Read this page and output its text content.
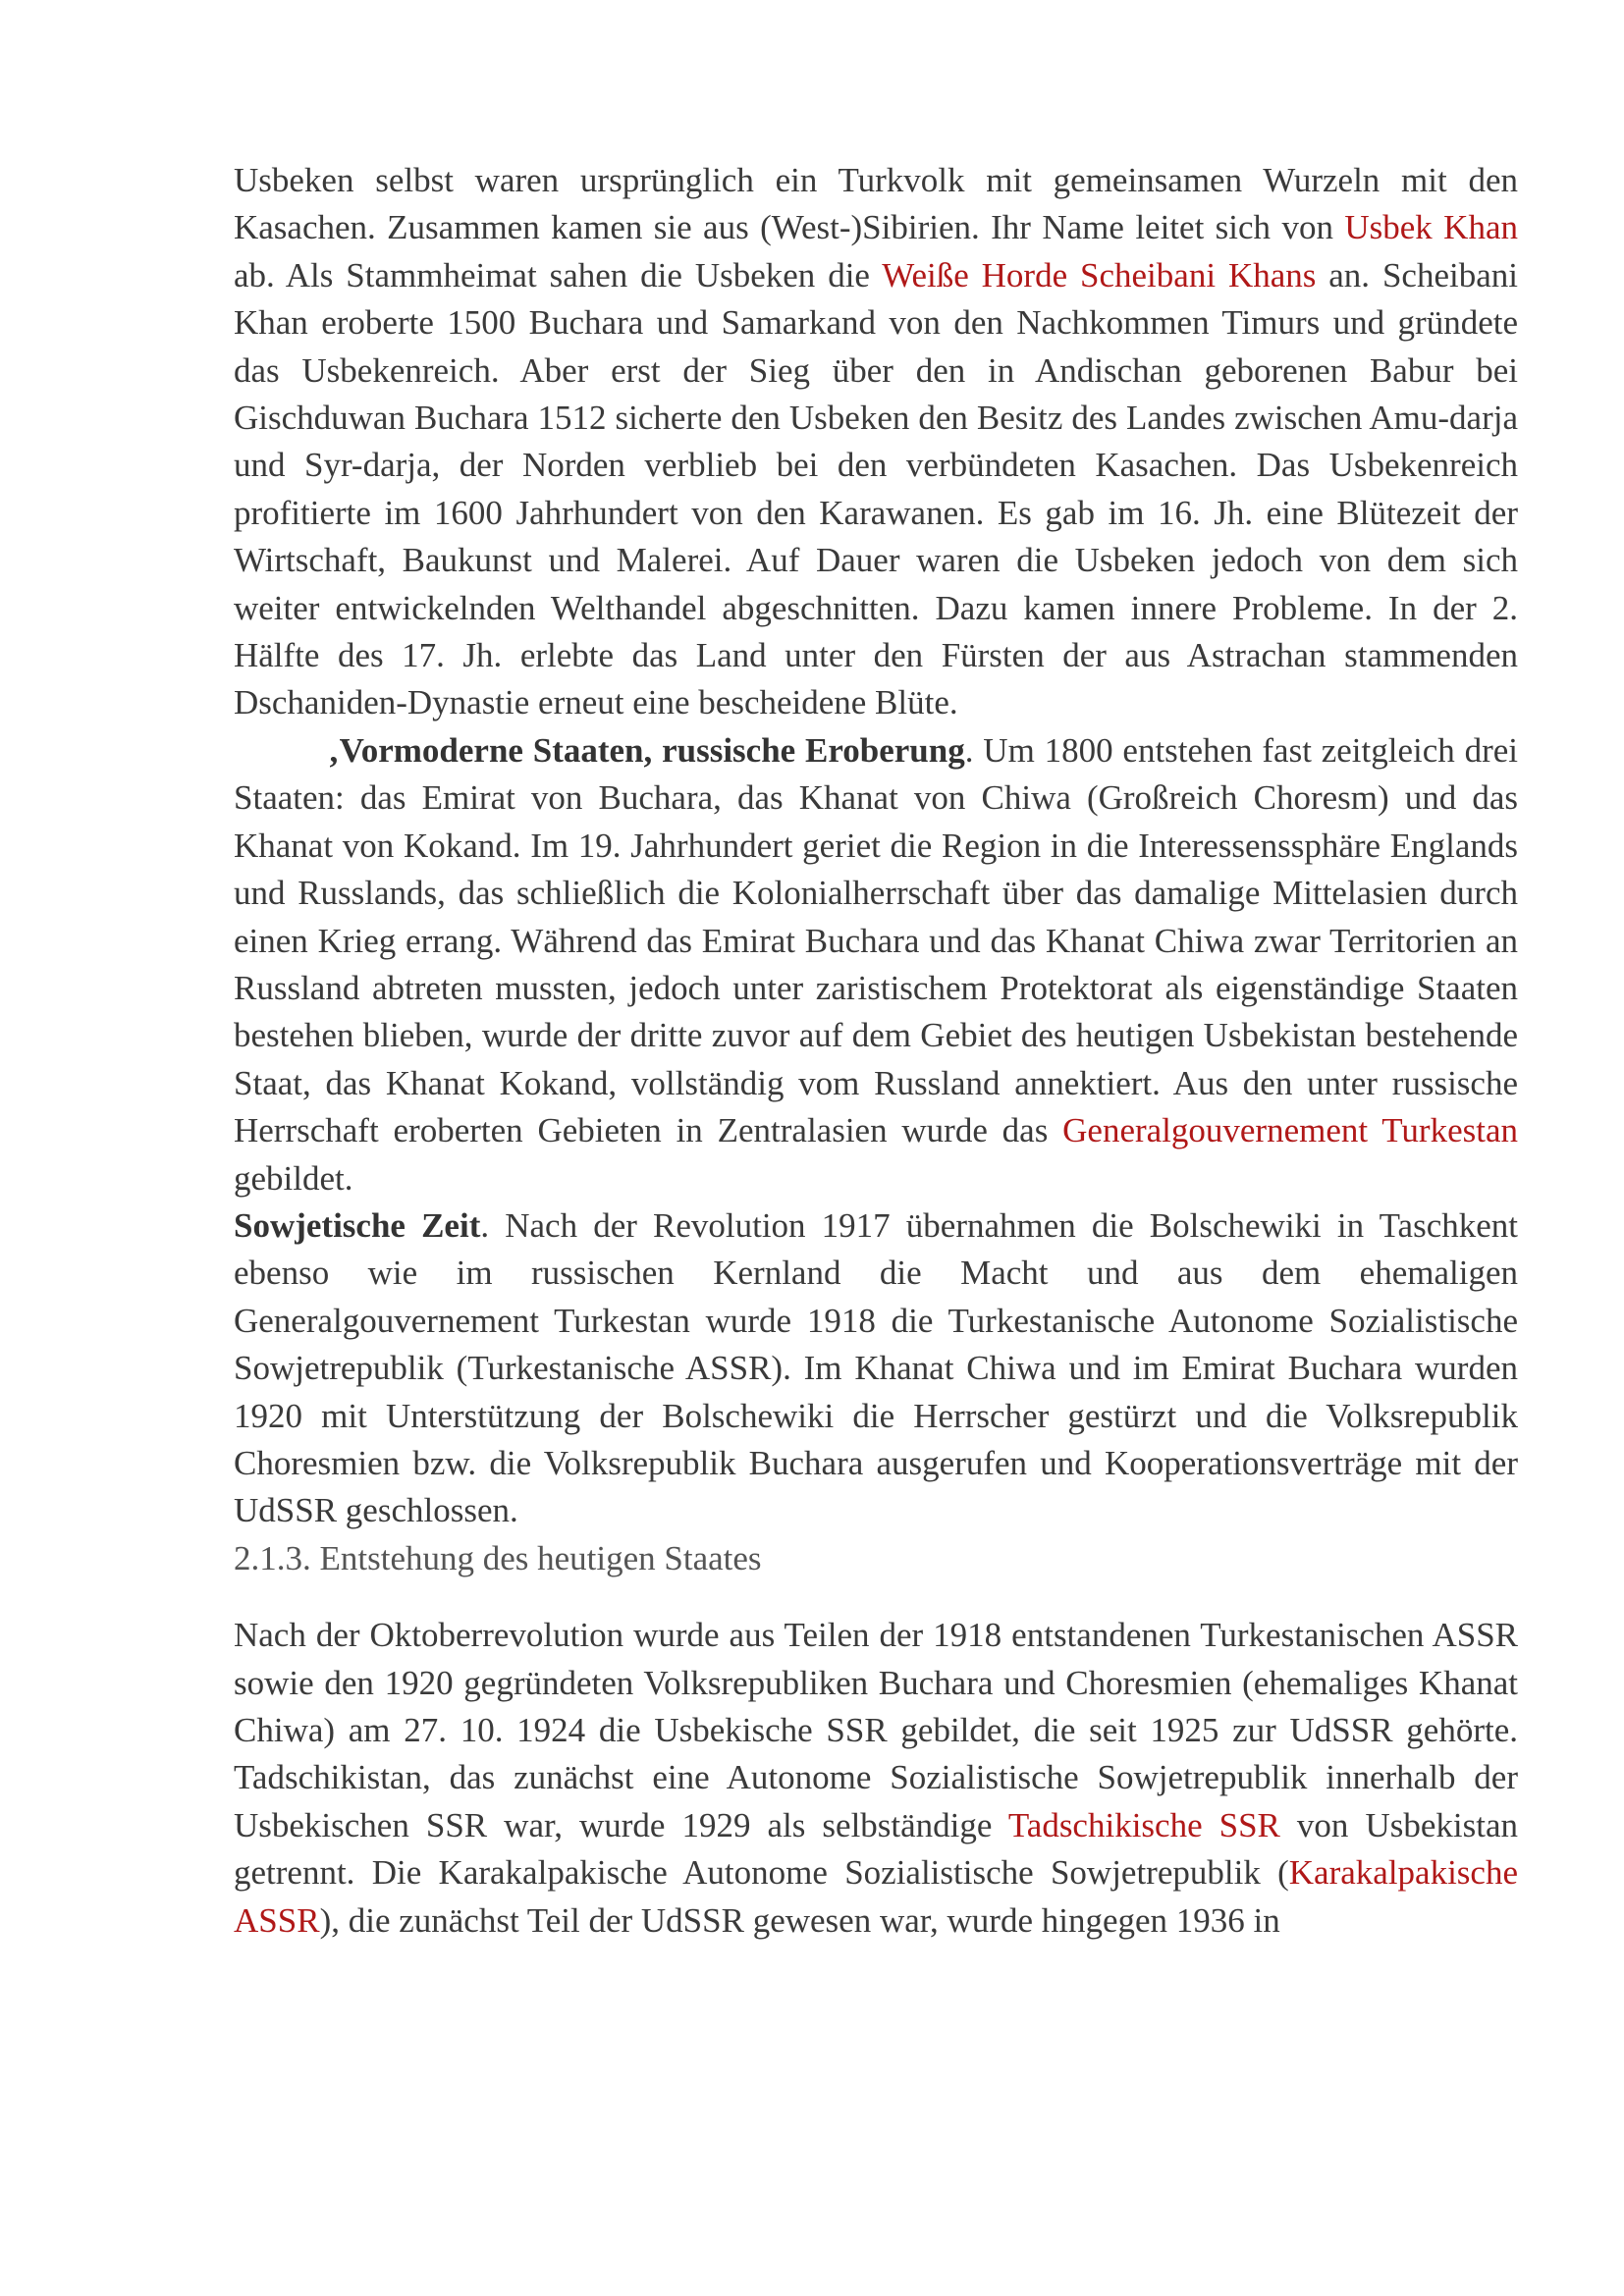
Usbeken selbst waren ursprünglich ein Turkvolk mit gemeinsamen Wurzeln mit den Kasachen. Zusammen kamen sie aus (West-)Sibirien. Ihr Name leitet sich von Usbek Khan ab. Als Stammheimat sahen die Usbeken die Weiße Horde Scheibani Khans an. Scheibani Khan eroberte 1500 Buchara und Samarkand von den Nachkommen Timurs und gründete das Usbekenreich. Aber erst der Sieg über den in Andischan geborenen Babur bei Gischduwan Buchara 1512 sicherte den Usbeken den Besitz des Landes zwischen Amu-darja und Syr-darja, der Norden verblieb bei den verbündeten Kasachen. Das Usbekenreich profitierte im 1600 Jahrhundert von den Karawanen. Es gab im 16. Jh. eine Blütezeit der Wirtschaft, Baukunst und Malerei. Auf Dauer waren die Usbeken jedoch von dem sich weiter entwickelnden Welthandel abgeschnitten. Dazu kamen innere Probleme. In der 2. Hälfte des 17. Jh. erlebte das Land unter den Fürsten der aus Astrachan stammenden Dschaniden-Dynastie erneut eine bescheidene Blüte.

‚Vormoderne Staaten, russische Eroberung. Um 1800 entstehen fast zeitgleich drei Staaten: das Emirat von Buchara, das Khanat von Chiwa (Großreich Choresm) und das Khanat von Kokand. Im 19. Jahrhundert geriet die Region in die Interessenssphäre Englands und Russlands, das schließlich die Kolonialherrschaft über das damalige Mittelasien durch einen Krieg errang. Während das Emirat Buchara und das Khanat Chiwa zwar Territorien an Russland abtreten mussten, jedoch unter zaristischem Protektorat als eigenständige Staaten bestehen blieben, wurde der dritte zuvor auf dem Gebiet des heutigen Usbekistan bestehende Staat, das Khanat Kokand, vollständig vom Russland annektiert. Aus den unter russische Herrschaft eroberten Gebieten in Zentralasien wurde das Generalgouvernement Turkestan gebildet.

Sowjetische Zeit. Nach der Revolution 1917 übernahmen die Bolschewiki in Taschkent ebenso wie im russischen Kernland die Macht und aus dem ehemaligen Generalgouvernement Turkestan wurde 1918 die Turkestanische Autonome Sozialistische Sowjetrepublik (Turkestanische ASSR). Im Khanat Chiwa und im Emirat Buchara wurden 1920 mit Unterstützung der Bolschewiki die Herrscher gestürzt und die Volksrepublik Choresmien bzw. die Volksrepublik Buchara ausgerufen und Kooperationsverträge mit der UdSSR geschlossen.

2.1.3. Entstehung des heutigen Staates

Nach der Oktoberrevolution wurde aus Teilen der 1918 entstandenen Turkestanischen ASSR sowie den 1920 gegründeten Volksrepubliken Buchara und Choresmien (ehemaliges Khanat Chiwa) am 27. 10. 1924 die Usbekische SSR gebildet, die seit 1925 zur UdSSR gehörte. Tadschikistan, das zunächst eine Autonome Sozialistische Sowjetrepublik innerhalb der Usbekischen SSR war, wurde 1929 als selbständige Tadschikische SSR von Usbekistan getrennt. Die Karakalpakische Autonome Sozialistische Sowjetrepublik (Karakalpakische ASSR), die zunächst Teil der UdSSR gewesen war, wurde hingegen 1936 in
